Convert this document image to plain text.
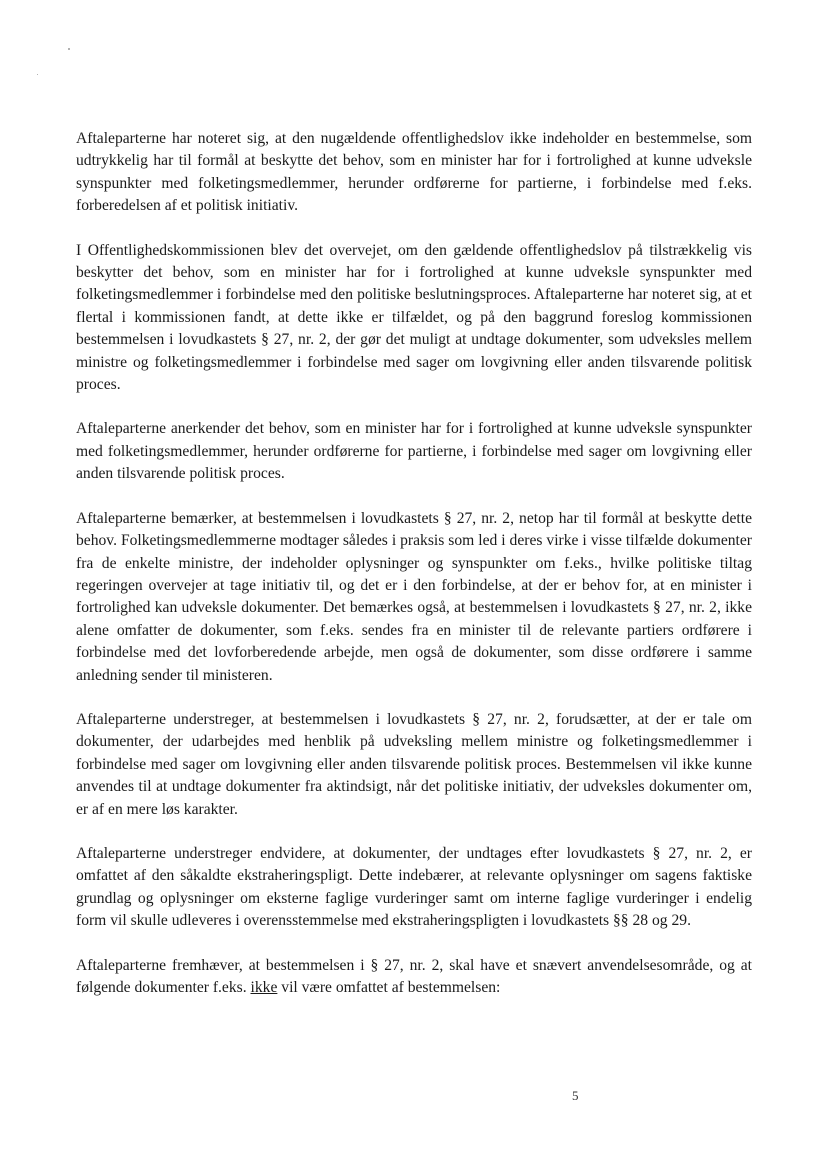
Aftaleparterne har noteret sig, at den nugældende offentlighedslov ikke indeholder en bestemmelse, som udtrykkelig har til formål at beskytte det behov, som en minister har for i fortrolighed at kunne udveksle synspunkter med folketingsmedlemmer, herunder ordførerne for partierne, i forbindelse med f.eks. forberedelsen af et politisk initiativ.

I Offentlighedskommissionen blev det overvejet, om den gældende offentlighedslov på tilstrækkelig vis beskytter det behov, som en minister har for i fortrolighed at kunne udveksle synspunkter med folketingsmedlemmer i forbindelse med den politiske beslutningsproces. Aftaleparterne har noteret sig, at et flertal i kommissionen fandt, at dette ikke er tilfældet, og på den baggrund foreslog kommissionen bestemmelsen i lovudkastets § 27, nr. 2, der gør det muligt at undtage dokumenter, som udveksles mellem ministre og folketingsmedlemmer i forbindelse med sager om lovgivning eller anden tilsvarende politisk proces.

Aftaleparterne anerkender det behov, som en minister har for i fortrolighed at kunne udveksle synspunkter med folketingsmedlemmer, herunder ordførerne for partierne, i forbindelse med sager om lovgivning eller anden tilsvarende politisk proces.

Aftaleparterne bemærker, at bestemmelsen i lovudkastets § 27, nr. 2, netop har til formål at beskytte dette behov. Folketingsmedlemmerne modtager således i praksis som led i deres virke i visse tilfælde dokumenter fra de enkelte ministre, der indeholder oplysninger og synspunkter om f.eks., hvilke politiske tiltag regeringen overvejer at tage initiativ til, og det er i den forbindelse, at der er behov for, at en minister i fortrolighed kan udveksle dokumenter. Det bemærkes også, at bestemmelsen i lovudkastets § 27, nr. 2, ikke alene omfatter de dokumenter, som f.eks. sendes fra en minister til de relevante partiers ordførere i forbindelse med det lovforberedende arbejde, men også de dokumenter, som disse ordførere i samme anledning sender til ministeren.

Aftaleparterne understreger, at bestemmelsen i lovudkastets § 27, nr. 2, forudsætter, at der er tale om dokumenter, der udarbejdes med henblik på udveksling mellem ministre og folketingsmedlemmer i forbindelse med sager om lovgivning eller anden tilsvarende politisk proces. Bestemmelsen vil ikke kunne anvendes til at undtage dokumenter fra aktindsigt, når det politiske initiativ, der udveksles dokumenter om, er af en mere løs karakter.

Aftaleparterne understreger endvidere, at dokumenter, der undtages efter lovudkastets § 27, nr. 2, er omfattet af den såkaldte ekstraheringspligt. Dette indebærer, at relevante oplysninger om sagens faktiske grundlag og oplysninger om eksterne faglige vurderinger samt om interne faglige vurderinger i endelig form vil skulle udleveres i overensstemmelse med ekstraheringspligten i lovudkastets §§ 28 og 29.

Aftaleparterne fremhæver, at bestemmelsen i § 27, nr. 2, skal have et snævert anvendelsesområde, og at følgende dokumenter f.eks. ikke vil være omfattet af bestemmelsen:

5
